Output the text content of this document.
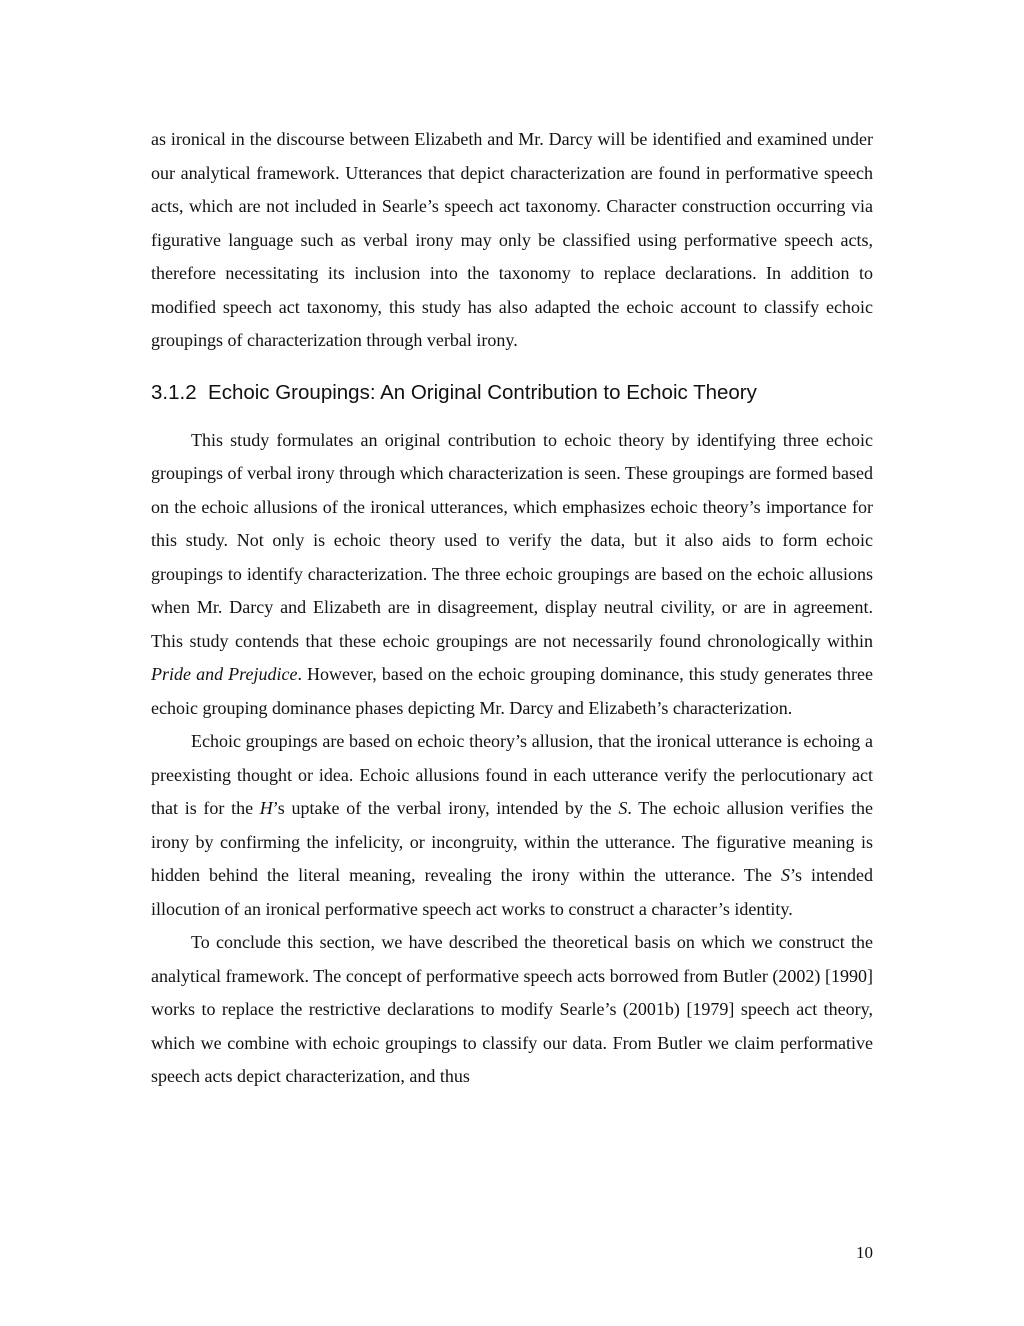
as ironical in the discourse between Elizabeth and Mr. Darcy will be identified and examined under our analytical framework. Utterances that depict characterization are found in performative speech acts, which are not included in Searle’s speech act taxonomy. Character construction occurring via figurative language such as verbal irony may only be classified using performative speech acts, therefore necessitating its inclusion into the taxonomy to replace declarations. In addition to modified speech act taxonomy, this study has also adapted the echoic account to classify echoic groupings of characterization through verbal irony.

3.1.2 Echoic Groupings: An Original Contribution to Echoic Theory

This study formulates an original contribution to echoic theory by identifying three echoic groupings of verbal irony through which characterization is seen. These groupings are formed based on the echoic allusions of the ironical utterances, which emphasizes echoic theory’s importance for this study. Not only is echoic theory used to verify the data, but it also aids to form echoic groupings to identify characterization. The three echoic groupings are based on the echoic allusions when Mr. Darcy and Elizabeth are in disagreement, display neutral civility, or are in agreement. This study contends that these echoic groupings are not necessarily found chronologically within Pride and Prejudice. However, based on the echoic grouping dominance, this study generates three echoic grouping dominance phases depicting Mr. Darcy and Elizabeth’s characterization.

Echoic groupings are based on echoic theory’s allusion, that the ironical utterance is echoing a preexisting thought or idea. Echoic allusions found in each utterance verify the perlocutionary act that is for the H’s uptake of the verbal irony, intended by the S. The echoic allusion verifies the irony by confirming the infelicity, or incongruity, within the utterance. The figurative meaning is hidden behind the literal meaning, revealing the irony within the utterance. The S’s intended illocution of an ironical performative speech act works to construct a character’s identity.

To conclude this section, we have described the theoretical basis on which we construct the analytical framework. The concept of performative speech acts borrowed from Butler (2002) [1990] works to replace the restrictive declarations to modify Searle’s (2001b) [1979] speech act theory, which we combine with echoic groupings to classify our data. From Butler we claim performative speech acts depict characterization, and thus

10
